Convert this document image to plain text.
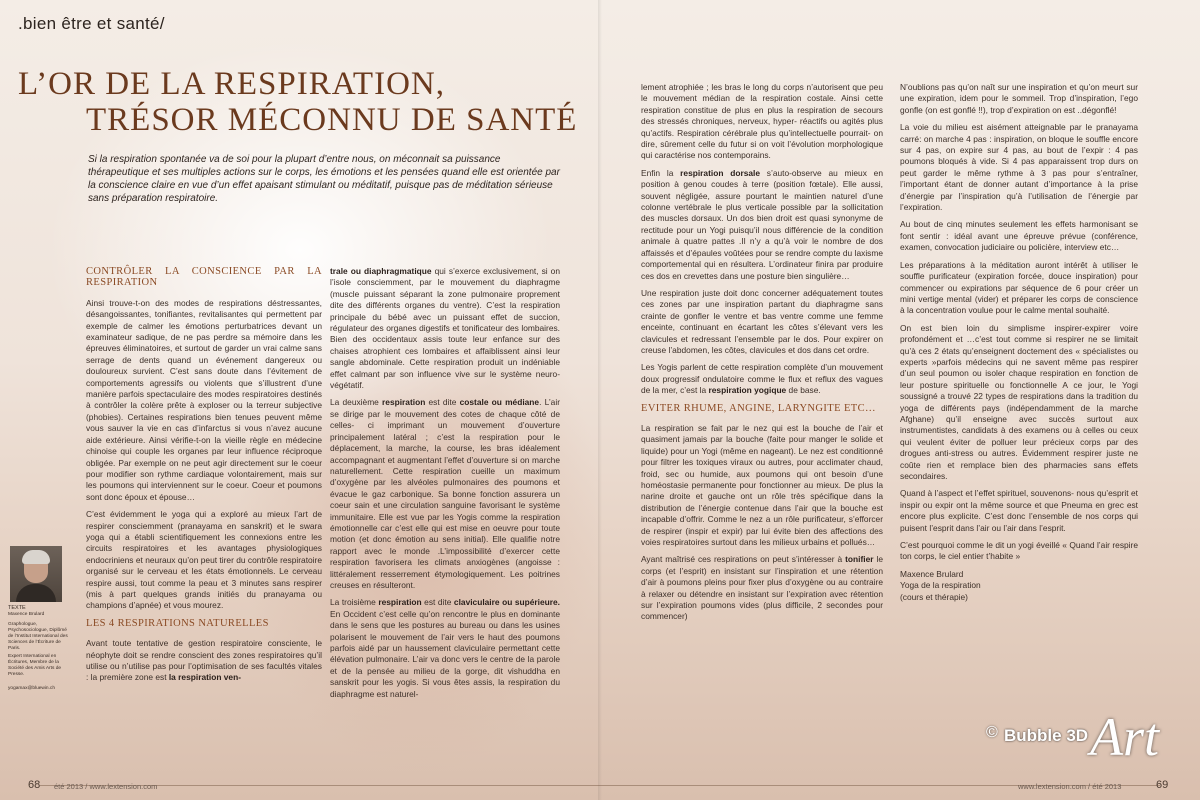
.bien être et santé/
L’OR DE LA RESPIRATION,
TRÉSOR MÉCONNU DE SANTÉ
Si la respiration spontanée va de soi pour la plupart d’entre nous, on méconnait sa puissance thérapeutique et ses multiples actions sur le corps, les émotions et les pensées quand elle est orientée par la conscience claire en vue d’un effet apaisant stimulant ou méditatif, puisque pas de méditation sérieuse sans préparation respiratoire.
CONTRÔLER LA CONSCIENCE PAR LA RESPIRATION

Ainsi trouve-t-on des modes de respirations déstressantes, désangoissantes, tonifiantes, revitalisantes qui permettent par exemple de calmer les émotions perturbatrices devant un examinateur sadique, de ne pas perdre sa mémoire dans les épreuves éliminatoires, et surtout de garder un vrai calme sans serrage de dents quand un événement dangereux ou douloureux survient. C’est sans doute dans l’évitement de comportements agressifs ou violents que s’illustrent d’une manière parfois spectaculaire des modes respiratoires destinés à contrôler la colère prête à exploser ou la terreur subjective (phobies). Certaines respirations bien tenues peuvent même vous sauver la vie en cas d’infarctus si vous n’avez aucune aide extérieure. Ainsi vérifie-t-on la vieille règle en médecine chinoise qui couple les organes par leur influence réciproque obligée. Par exemple on ne peut agir directement sur le coeur pour modifier son rythme cardiaque volontairement, mais sur les poumons qui interviennent sur le coeur. Coeur et poumons sont donc époux et épouse…

C’est évidemment le yoga qui a exploré au mieux l’art de respirer consciemment (pranayama en sanskrit) et le swara yoga qui a établi scientifiquement les connexions entre les circuits respiratoires et les avantages physiologiques endocriniens et neuraux qu’on peut tirer du contrôle respiratoire organisé sur le cerveau et les états émotionnels. Le cerveau respire aussi, tout comme la peau et 3 minutes sans respirer (mis à part quelques grands initiés du pranayama ou champions d’apnée) et vous mourez.

LES 4 RESPIRATIONS NATURELLES

Avant toute tentative de gestion respiratoire consciente, le néophyte doit se rendre conscient des zones respiratoires qu’il utilise ou n’utilise pas pour l’optimisation de ses facultés vitales : la première zone est la respiration ven-

trale ou diaphragmatique qui s’exerce exclusivement, si on l’isole consciemment, par le mouvement du diaphragme (muscle puissant séparant la zone pulmonaire proprement dite des différents organes du ventre). C’est la respiration principale du bébé avec un puissant effet de succion, régulateur des organes digestifs et tonificateur des lombaires. Bien des occidentaux assis toute leur enfance sur des chaises atrophient ces lombaires et affaiblissent ainsi leur sangle abdominale. Cette respiration produit un indéniable effet calmant par son influence vive sur le système neuro-végétatif.

La deuxième respiration est dite costale ou médiane. L’air se dirige par le mouvement des cotes de chaque côté de celles- ci imprimant un mouvement d’ouverture principalement latéral ; c’est la respiration pour le déplacement, la marche, la course, les bras idéalement accompagnant et augmentant l’effet d’ouverture si on marche naturellement. Cette respiration cueille un maximum d’oxygène par les alvéoles pulmonaires des poumons et évacue le gaz carbonique. Sa bonne fonction assurera un coeur sain et une circulation sanguine favorisant le système immunitaire. Elle est vue par les Yogis comme la respiration émotionnelle car c’est elle qui est mise en oeuvre pour toute motion (et donc émotion au sens initial). Elle qualifie notre rapport avec le monde .L’impossibilité d’exercer cette respiration favorisera les climats anxiogènes (angoisse : littéralement resserrement étymologiquement. Les poitrines creuses en résulteront.

La troisième respiration est dite claviculaire ou supérieure. En Occident c’est celle qu’on rencontre le plus en dominante dans le sens que les postures au bureau ou dans les usines polarisent le mouvement de l’air vers le haut des poumons parfois aidé par un haussement claviculaire permettant cette élévation pulmonaire. L’air va donc vers le centre de la parole et de la pensée au milieu de la gorge, dit vishuddha en sanskrit pour les yogis. Si vous êtes assis, la respiration du diaphragme est naturel-

lement atrophiée ; les bras le long du corps n’autorisent que peu le mouvement médian de la respiration costale. Ainsi cette respiration constitue de plus en plus la respiration de secours des stressés chroniques, nerveux, hyper- réactifs ou agités plus qu’actifs. Respiration cérébrale plus qu’intellectuelle pourrait- on dire, sûrement celle du futur si on voit l’évolution morphologique qui caractérise nos contemporains.

Enfin la respiration dorsale s’auto-observe au mieux en position à genou coudes à terre (position fœtale). Elle aussi, souvent négligée, assure pourtant le maintien naturel d’une colonne vertébrale le plus verticale possible par la sollicitation des muscles dorsaux. Un dos bien droit est quasi synonyme de rectitude pour un Yogi puisqu’il nous différencie de la condition animale à quatre pattes .Il n’y a qu’à voir le nombre de dos affaissés et d’épaules voûtées pour se rendre compte du laxisme comportemental qui en résultera. L’ordinateur finira par produire ces dos en crevettes dans une posture bien singulière…

Une respiration juste doit donc concerner adéquatement toutes ces zones par une inspiration partant du diaphragme sans crainte de gonfler le ventre et bas ventre comme une femme enceinte, continuant en écartant les côtes s’élevant vers les clavicules et redressant l’ensemble par le dos. Pour expirer on creuse l’abdomen, les côtes, clavicules et dos dans cet ordre.

Les Yogis parlent de cette respiration complète d’un mouvement doux progressif ondulatoire comme le flux et reflux des vagues de la mer, c’est la respiration yogique de base.

EVITER RHUME, ANGINE, LARYNGITE ETC…

La respiration se fait par le nez qui est la bouche de l’air et quasiment jamais par la bouche (faite pour manger le solide et liquide) pour un Yogi (même en nageant). Le nez est conditionné pour filtrer les toxiques viraux ou autres, pour acclimater chaud, froid, sec ou humide, aux poumons qui ont besoin d’une homéostasie permanente pour fonctionner au mieux. De plus la narine droite et gauche ont un rôle très spécifique dans la distribution de l’énergie contenue dans l’air que la bouche est incapable d’offrir. Comme le nez a un rôle purificateur, s’efforcer de respirer (inspir et expir) par lui évite bien des affections des voies respiratoires surtout dans les milieux urbains et pollués…

Ayant maîtrisé ces respirations on peut s’intéresser à tonifier le corps (et l’esprit) en insistant sur l’inspiration et une rétention d’air à poumons pleins pour fixer plus d’oxygène ou au contraire à relaxer ou détendre en insistant sur l’expiration avec rétention sur l’expiration poumons vides (plus difficile, 2 secondes pour commencer)

N’oublions pas qu’on naît sur une inspiration et qu’on meurt sur une expiration, idem pour le sommeil. Trop d’inspiration, l’ego gonfle (on est gonflé !!), trop d’expiration on est ..dégonflé!

La voie du milieu est aisément atteignable par le pranayama carré: on marche 4 pas : inspiration, on bloque le souffle encore sur 4 pas, on expire sur 4 pas, au bout de l’expir : 4 pas poumons bloqués à vide. Si 4 pas apparaissent trop durs on peut garder le même rythme à 3 pas pour s’entraîner, l’important étant de donner autant d’importance à la prise d’énergie par l’inspiration qu’à l’utilisation de l’énergie par l’expiration.

Au bout de cinq minutes seulement les effets harmonisant se font sentir : idéal avant une épreuve prévue (conférence, examen, convocation judiciaire ou policière, interview etc…

Les préparations à la méditation auront intérêt à utiliser le souffle purificateur (expiration forcée, douce inspiration) pour commencer ou expirations par séquence de 6 pour créer un mini vertige mental (vider) et préparer les corps de conscience à la concentration voulue pour le calme mental souhaité.

On est bien loin du simplisme inspirer-expirer voire profondément et …c’est tout comme si respirer ne se limitait qu’à ces 2 états qu’enseignent doctement des « spécialistes ou experts »parfois médecins qui ne savent même pas respirer d’un seul poumon ou isoler chaque respiration en fonction de leur posture spirituelle ou fonctionnelle A ce jour, le Yogi soussigné a trouvé 22 types de respirations dans la tradition du yoga de différents pays (indépendamment de la marche Afghane) qu’il enseigne avec succès surtout aux instrumentistes, candidats à des examens ou à celles ou ceux qui veulent éviter de polluer leur précieux corps par des drogues anti-stress ou autres. Évidemment respirer juste ne coûte rien et remplace bien des pharmacies sans effets secondaires.

Quand à l’aspect et l’effet spirituel, souvenons- nous qu’esprit et inspir ou expir ont la même source et que Pneuma en grec est encore plus explicite. C’est donc l’ensemble de nos corps qui puisent l’esprit dans l’air ou l’air dans l’esprit.

C’est pourquoi comme le dit un yogi éveillé « Quand l’air respire ton corps, le ciel entier t’habite »

Maxence Brulard
Yoga de la respiration
(cours et thérapie)

TEXTE
Maxence Brulard
Graphologue, Psychosociologue, Diplômé de l’Institut International des Sciences de l’Écriture de Paris.
Expert International en Écritures, Membre de la Société des Amis Arts de Presse.
yogamax@bluewin.ch
68 été 2013 / www.lextension.com	www.lextension.com / été 2013	69
© Bubble 3D Art
